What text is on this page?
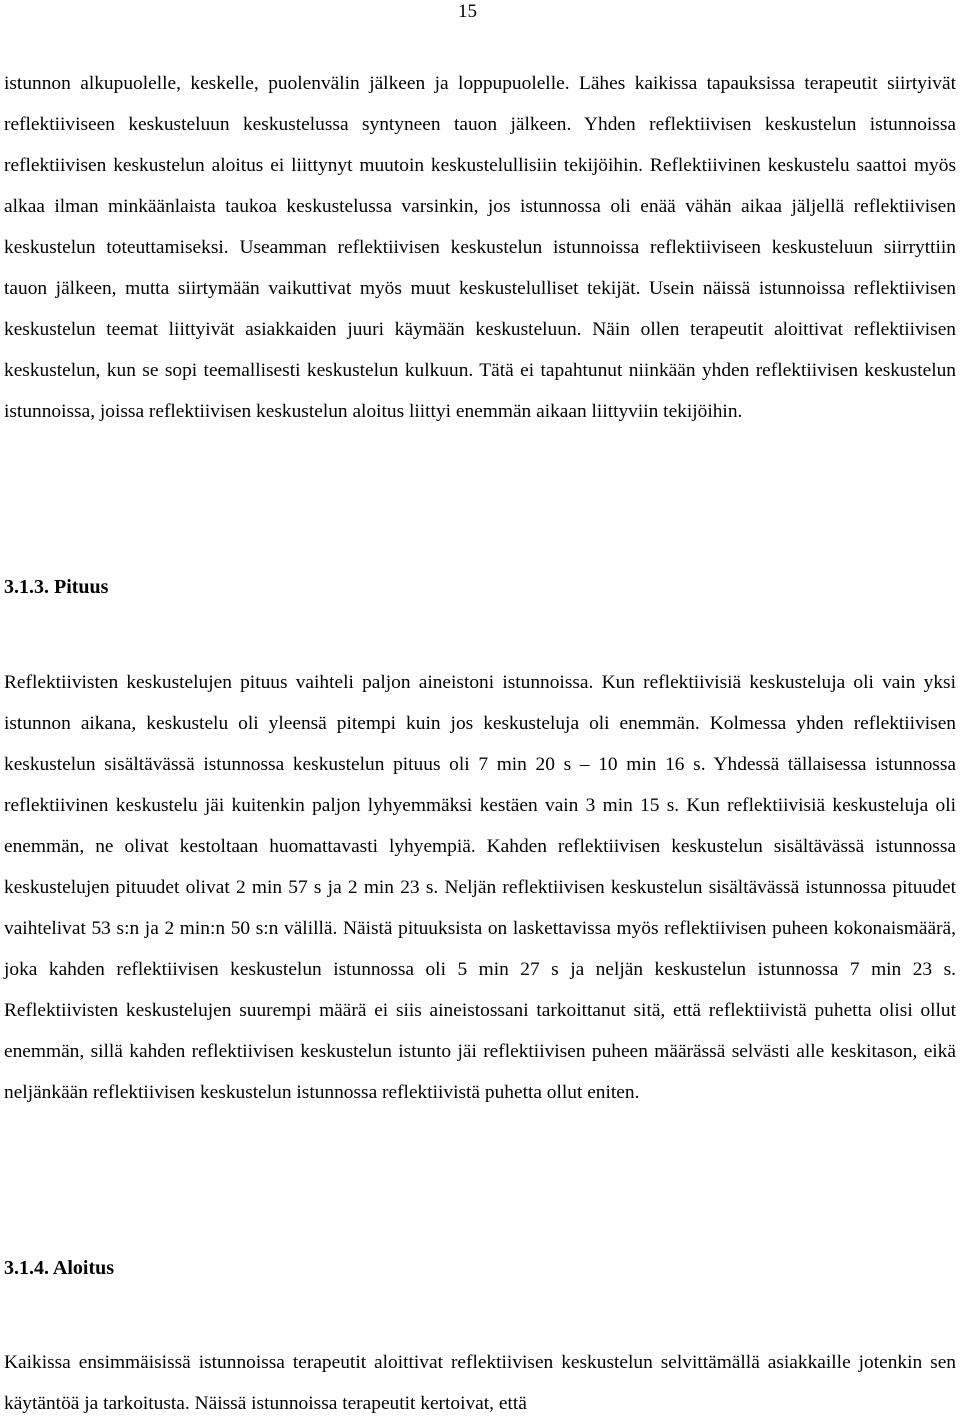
15

istunnon alkupuolelle, keskelle, puolenvälin jälkeen ja loppupuolelle. Lähes kaikissa tapauksissa terapeutit siirtyivät reflektiiviseen keskusteluun keskustelussa syntyneen tauon jälkeen. Yhden reflektiivisen keskustelun istunnoissa reflektiivisen keskustelun aloitus ei liittynyt muutoin keskustelullisiin tekijöihin. Reflektiivinen keskustelu saattoi myös alkaa ilman minkäänlaista taukoa keskustelussa varsinkin, jos istunnossa oli enää vähän aikaa jäljellä reflektiivisen keskustelun toteuttamiseksi. Useamman reflektiivisen keskustelun istunnoissa reflektiiviseen keskusteluun siirryttiin tauon jälkeen, mutta siirtymään vaikuttivat myös muut keskustelulliset tekijät. Usein näissä istunnoissa reflektiivisen keskustelun teemat liittyivät asiakkaiden juuri käymään keskusteluun. Näin ollen terapeutit aloittivat reflektiivisen keskustelun, kun se sopi teemallisesti keskustelun kulkuun. Tätä ei tapahtunut niinkään yhden reflektiivisen keskustelun istunnoissa, joissa reflektiivisen keskustelun aloitus liittyi enemmän aikaan liittyviin tekijöihin.

3.1.3. Pituus

Reflektiivisten keskustelujen pituus vaihteli paljon aineistoni istunnoissa. Kun reflektiivisiä keskusteluja oli vain yksi istunnon aikana, keskustelu oli yleensä pitempi kuin jos keskusteluja oli enemmän. Kolmessa yhden reflektiivisen keskustelun sisältävässä istunnossa keskustelun pituus oli 7 min 20 s – 10 min 16 s. Yhdessä tällaisessa istunnossa reflektiivinen keskustelu jäi kuitenkin paljon lyhyemmäksi kestäen vain 3 min 15 s. Kun reflektiivisiä keskusteluja oli enemmän, ne olivat kestoltaan huomattavasti lyhyempiä. Kahden reflektiivisen keskustelun sisältävässä istunnossa keskustelujen pituudet olivat 2 min 57 s ja 2 min 23 s. Neljän reflektiivisen keskustelun sisältävässä istunnossa pituudet vaihtelivat 53 s:n ja 2 min:n 50 s:n välillä. Näistä pituuksista on laskettavissa myös reflektiivisen puheen kokonaismäärä, joka kahden reflektiivisen keskustelun istunnossa oli 5 min 27 s ja neljän keskustelun istunnossa 7 min 23 s. Reflektiivisten keskustelujen suurempi määrä ei siis aineistossani tarkoittanut sitä, että reflektiivistä puhetta olisi ollut enemmän, sillä kahden reflektiivisen keskustelun istunto jäi reflektiivisen puheen määrässä selvästi alle keskitason, eikä neljänkään reflektiivisen keskustelun istunnossa reflektiivistä puhetta ollut eniten.

3.1.4. Aloitus

Kaikissa ensimmäisissä istunnoissa terapeutit aloittivat reflektiivisen keskustelun selvittämällä asiakkaille jotenkin sen käytäntöä ja tarkoitusta. Näissä istunnoissa terapeutit kertoivat, että
